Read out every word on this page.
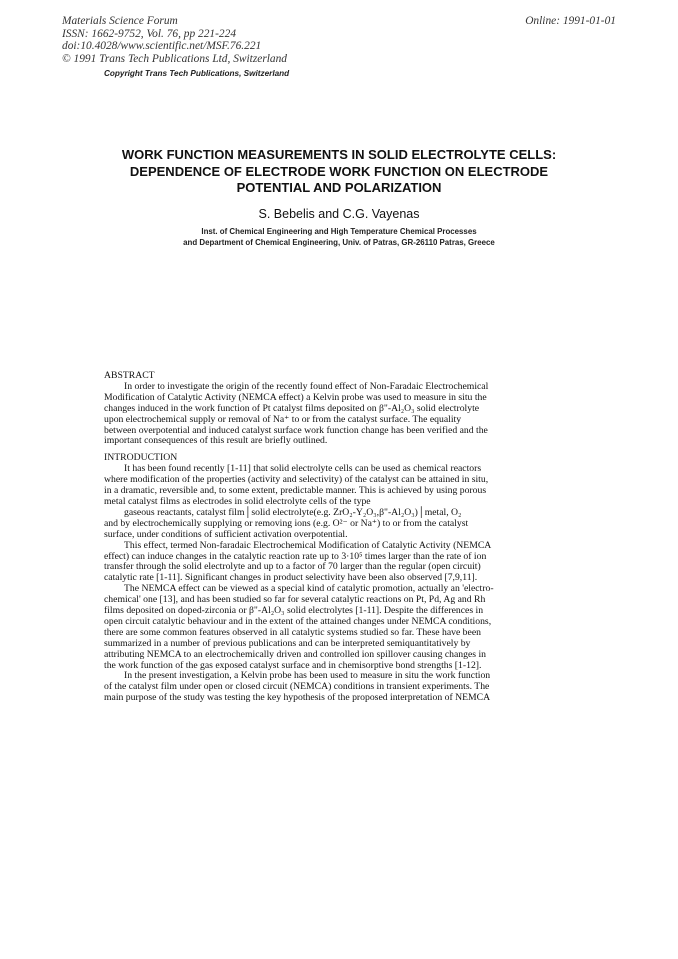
Materials Science Forum
ISSN: 1662-9752, Vol. 76, pp 221-224
doi:10.4028/www.scientific.net/MSF.76.221
© 1991 Trans Tech Publications Ltd, Switzerland
Online: 1991-01-01
Copyright Trans Tech Publications, Switzerland
WORK FUNCTION MEASUREMENTS IN SOLID ELECTROLYTE CELLS:
DEPENDENCE OF ELECTRODE WORK FUNCTION ON ELECTRODE
POTENTIAL AND POLARIZATION
S. Bebelis and C.G. Vayenas
Inst. of Chemical Engineering and High Temperature Chemical Processes
and Department of Chemical Engineering, Univ. of Patras, GR-26110 Patras, Greece
ABSTRACT
In order to investigate the origin of the recently found effect of Non-Faradaic Electrochemical
Modification of Catalytic Activity (NEMCA effect) a Kelvin probe was used to measure in situ the
changes induced in the work function of Pt catalyst films deposited on β"-Al₂O₃ solid electrolyte
upon electrochemical supply or removal of Na⁺ to or from the catalyst surface. The equality
between overpotential and induced catalyst surface work function change has been verified and the
important consequences of this result are briefly outlined.
INTRODUCTION
It has been found recently [1-11] that solid electrolyte cells can be used as chemical reactors
where modification of the properties (activity and selectivity) of the catalyst can be attained in situ,
in a dramatic, reversible and, to some extent, predictable manner. This is achieved by using porous
metal catalyst films as electrodes in solid electrolyte cells of the type
gaseous reactants, catalyst film│solid electrolyte(e.g. ZrO₂-Y₂O₃,β"-Al₂O₃)│metal, O₂
and by electrochemically supplying or removing ions (e.g. O²⁻ or Na⁺) to or from the catalyst
surface, under conditions of sufficient activation overpotential.
This effect, termed Non-faradaic Electrochemical Modification of Catalytic Activity (NEMCA
effect) can induce changes in the catalytic reaction rate up to 3·10⁵ times larger than the rate of ion
transfer through the solid electrolyte and up to a factor of 70 larger than the regular (open circuit)
catalytic rate [1-11]. Significant changes in product selectivity have been also observed [7,9,11].
The NEMCA effect can be viewed as a special kind of catalytic promotion, actually an 'electro-
chemical' one [13], and has been studied so far for several catalytic reactions on Pt, Pd, Ag and Rh
films deposited on doped-zirconia or β"-Al₂O₃ solid electrolytes [1-11]. Despite the differences in
open circuit catalytic behaviour and in the extent of the attained changes under NEMCA conditions,
there are some common features observed in all catalytic systems studied so far. These have been
summarized in a number of previous publications and can be interpreted semiquantitatively by
attributing NEMCA to an electrochemically driven and controlled ion spillover causing changes in
the work function of the gas exposed catalyst surface and in chemisorptive bond strengths [1-12].
In the present investigation, a Kelvin probe has been used to measure in situ the work function
of the catalyst film under open or closed circuit (NEMCA) conditions in transient experiments. The
main purpose of the study was testing the key hypothesis of the proposed interpretation of NEMCA
